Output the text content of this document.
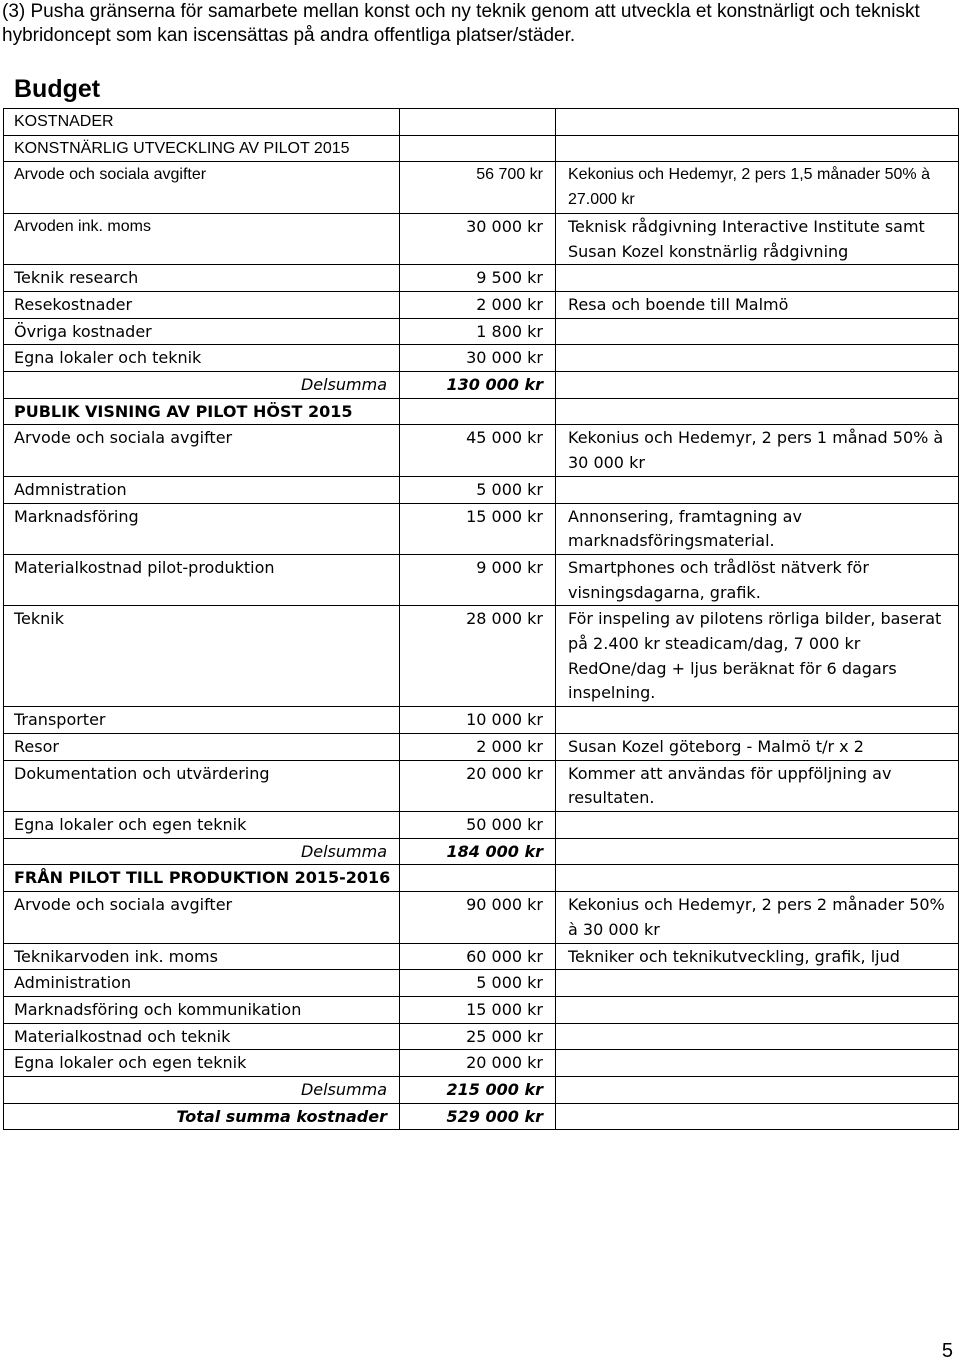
(3) Pusha gränserna för samarbete mellan konst och ny teknik genom att utveckla et konstnärligt och tekniskt hybridoncept som kan iscensättas på andra offentliga platser/städer.
Budget
KOSTNADER		
KONSTNÄRLIG UTVECKLING AV PILOT 2015		
Arvode och sociala avgifter	56 700 kr	Kekonius och Hedemyr, 2 pers 1,5 månader 50% à 27.000 kr
Arvoden ink. moms	30 000 kr	Teknisk rådgivning Interactive Institute samt Susan Kozel konstnärlig rådgivning
Teknik research	9 500 kr	
Resekostnader	2 000 kr	Resa och boende till Malmö
Övriga kostnader	1 800 kr	
Egna lokaler och teknik	30 000 kr	
Delsumma	130 000 kr	
PUBLIK VISNING AV PILOT HÖST 2015		
Arvode och sociala avgifter	45 000 kr	Kekonius och Hedemyr, 2 pers 1 månad 50% à 30 000 kr
Admnistration	5 000 kr	
Marknadsföring	15 000 kr	Annonsering, framtagning av marknadsföringsmaterial.
Materialkostnad pilot-produktion	9 000 kr	Smartphones och trådlöst nätverk för visningsdagarna, grafik.
Teknik	28 000 kr	För inspeling av pilotens rörliga bilder, baserat på 2.400 kr steadicam/dag, 7 000 kr RedOne/dag + ljus beräknat för 6 dagars inspelning.
Transporter	10 000 kr	
Resor	2 000 kr	Susan Kozel göteborg - Malmö t/r x 2
Dokumentation och utvärdering	20 000 kr	Kommer att användas för uppföljning av resultaten.
Egna lokaler och egen teknik	50 000 kr	
Delsumma	184 000 kr	
FRÅN PILOT TILL PRODUKTION 2015-2016		
Arvode och sociala avgifter	90 000 kr	Kekonius och Hedemyr, 2 pers 2 månader 50% à 30 000 kr
Teknikarvoden ink. moms	60 000 kr	Tekniker och teknikutveckling, grafik, ljud
Administration	5 000 kr	
Marknadsföring och kommunikation	15 000 kr	
Materialkostnad och teknik	25 000 kr	
Egna lokaler och egen teknik	20 000 kr	
Delsumma	215 000 kr	
Total summa kostnader	529 000 kr	
5
